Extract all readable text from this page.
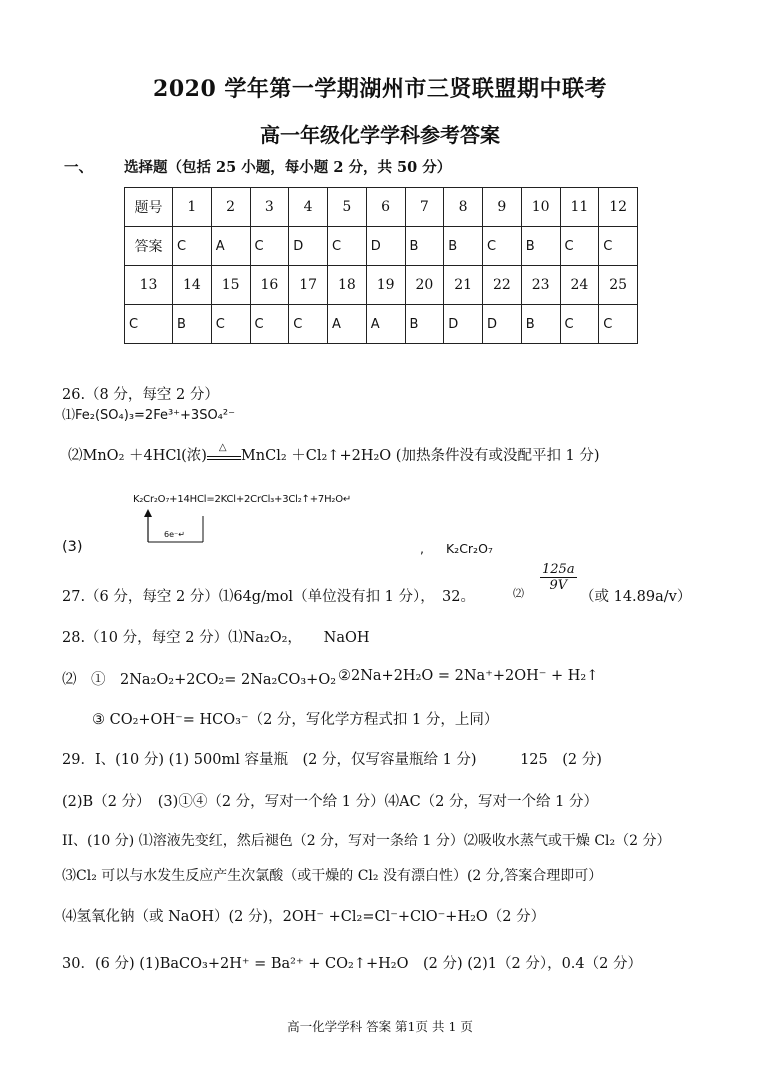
2020 学年第一学期湖州市三贤联盟期中联考
高一年级化学学科参考答案
一、 选择题（包括 25 小题，每小题 2 分，共 50 分）
题号	1	2	3	4	5	6	7	8	9	10	11	12
答案	C	A	C	D	C	D	B	B	C	B	C	C
13	14	15	16	17	18	19	20	21	22	23	24	25
C	B	C	C	C	A	A	B	D	D	B	C	C
26.（8 分，每空 2 分）
⑴Fe₂(SO₄)₃=2Fe³⁺+3SO₄²⁻
⑵MnO₂ ＋4HCl(浓)
△
MnCl₂ ＋Cl₂↑+2H₂O (加热条件没有或没配平扣 1 分)
K₂Cr₂O₇+14HCl=2KCl+2CrCl₃+3Cl₂↑+7H₂O↵
6e⁻↵
(3)	, K₂Cr₂O₇
27.（6 分，每空 2 分）⑴64g/mol（单位没有扣 1 分），　32。	⑵
$\frac{125a}{9V}$
（或 14.89a/v）
28.（10 分，每空 2 分）⑴Na₂O₂，　　NaOH
⑵　①　2Na₂O₂+2CO₂= 2Na₂CO₃+O₂ ②2Na+2H₂O = 2Na⁺+2OH⁻ + H₂↑
③ CO₂+OH⁻= HCO₃⁻（2 分，写化学方程式扣 1 分，上同）
29．I、(10 分) (1) 500ml 容量瓶　(2 分，仅写容量瓶给 1 分)　　　125　(2 分)
(2)B（2 分）　(3)①④（2 分，写对一个给 1 分）⑷AC（2 分，写对一个给 1 分）
II、(10 分) ⑴溶液先变红，然后褪色（2 分，写对一条给 1 分）⑵吸收水蒸气或干燥 Cl₂（2 分）
⑶Cl₂ 可以与水发生反应产生次氯酸（或干燥的 Cl₂ 没有漂白性）(2 分,答案合理即可）
⑷氢氧化钠（或 NaOH）(2 分)，2OH⁻ +Cl₂=Cl⁻+ClO⁻+H₂O（2 分）
30．(6 分) (1)BaCO₃+2H⁺ = Ba²⁺ + CO₂↑+H₂O　(2 分) (2)1（2 分），0.4（2 分）
高一化学学科 答案 第1页 共 1 页
